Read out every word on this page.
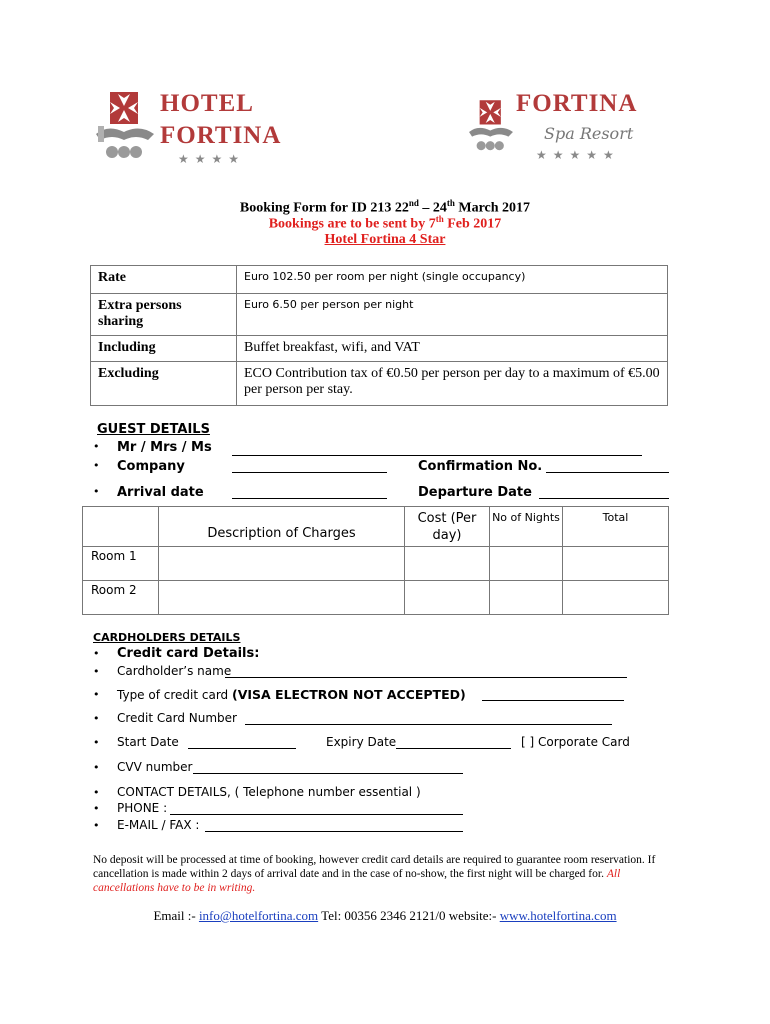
HOTEL
FORTINA
★★★★
FORTINA
Spa Resort
★★★★★
Booking Form for ID 213 22nd – 24th March 2017
Bookings are to be sent by 7th Feb 2017
Hotel Fortina 4 Star
Rate	Euro 102.50 per room per night (single occupancy)
Extra persons sharing	Euro 6.50 per person per night
Including	Buffet breakfast, wifi, and VAT
Excluding	ECO Contribution tax of €0.50 per person per day to a maximum of €5.00 per person per stay.
GUEST DETAILS
• Mr / Mrs / Ms
• Company	Confirmation No.
• Arrival date	Departure Date
	Description of Charges	Cost (Per day)	No of Nights	Total
Room 1				
Room 2				
CARDHOLDERS DETAILS
• Credit card Details:
• Cardholder’s name
• Type of credit card (VISA ELECTRON NOT ACCEPTED)
• Credit Card Number
• Start Date	Expiry Date	[ ] Corporate Card
• CVV number
• CONTACT DETAILS, ( Telephone number essential )
• PHONE :
• E-MAIL / FAX :
No deposit will be processed at time of booking, however credit card details are required to guarantee room reservation. If cancellation is made within 2 days of arrival date and in the case of no-show, the first night will be charged for. All cancellations have to be in writing.
Email :- info@hotelfortina.com Tel: 00356 2346 2121/0 website:- www.hotelfortina.com
